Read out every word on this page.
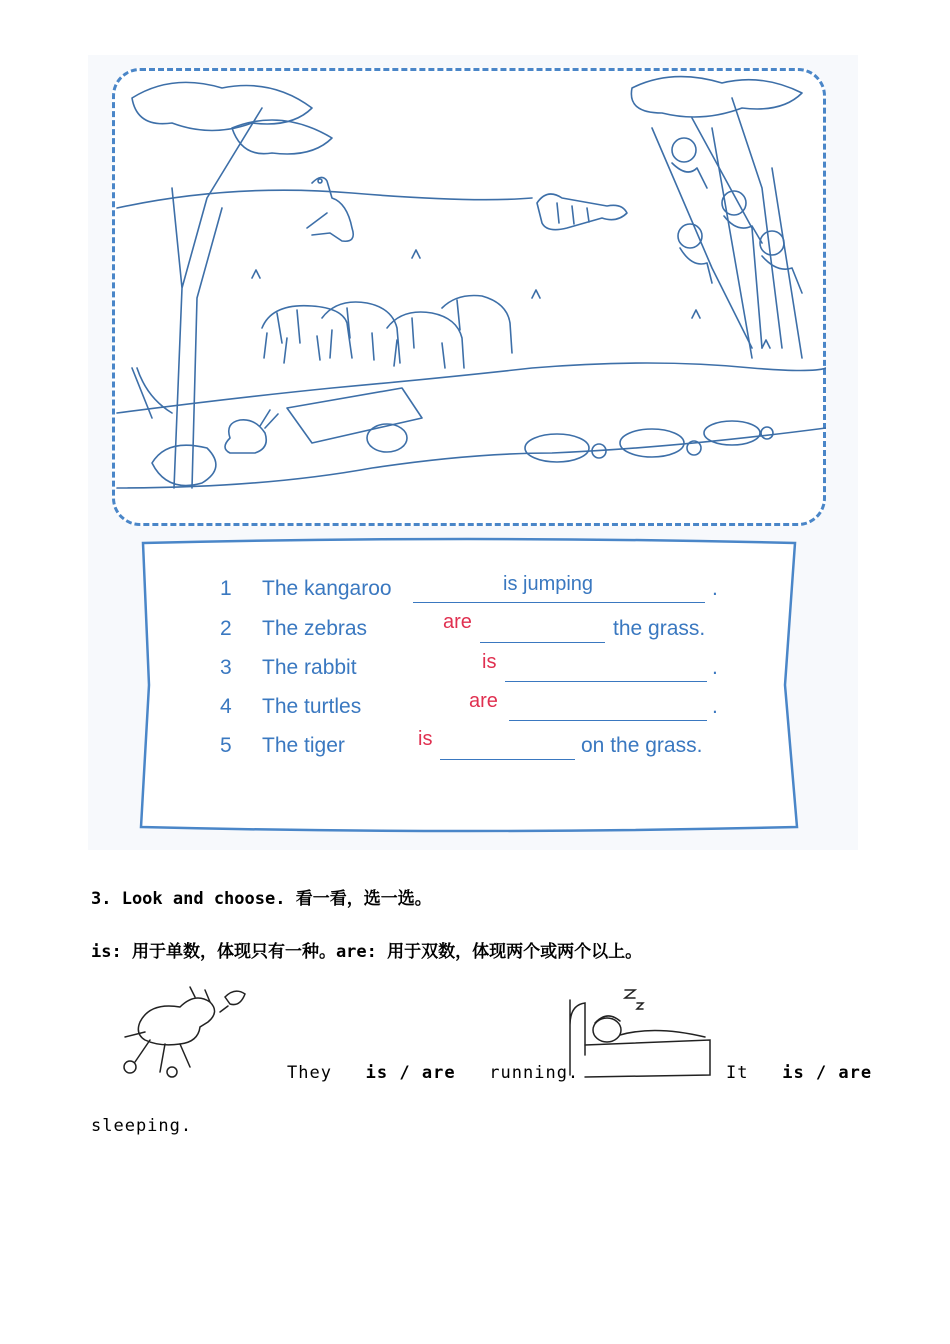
1 The kangaroo	is jumping	.
2 The zebras	are	the grass.
3 The rabbit	is	.
4 The turtles	are	.
5 The tiger	is	on the grass.
3. Look and choose. 看一看，选一选。
is: 用于单数，体现只有一种。are: 用于双数，体现两个或两个以上。
They is / are running.	It is / are
sleeping.
